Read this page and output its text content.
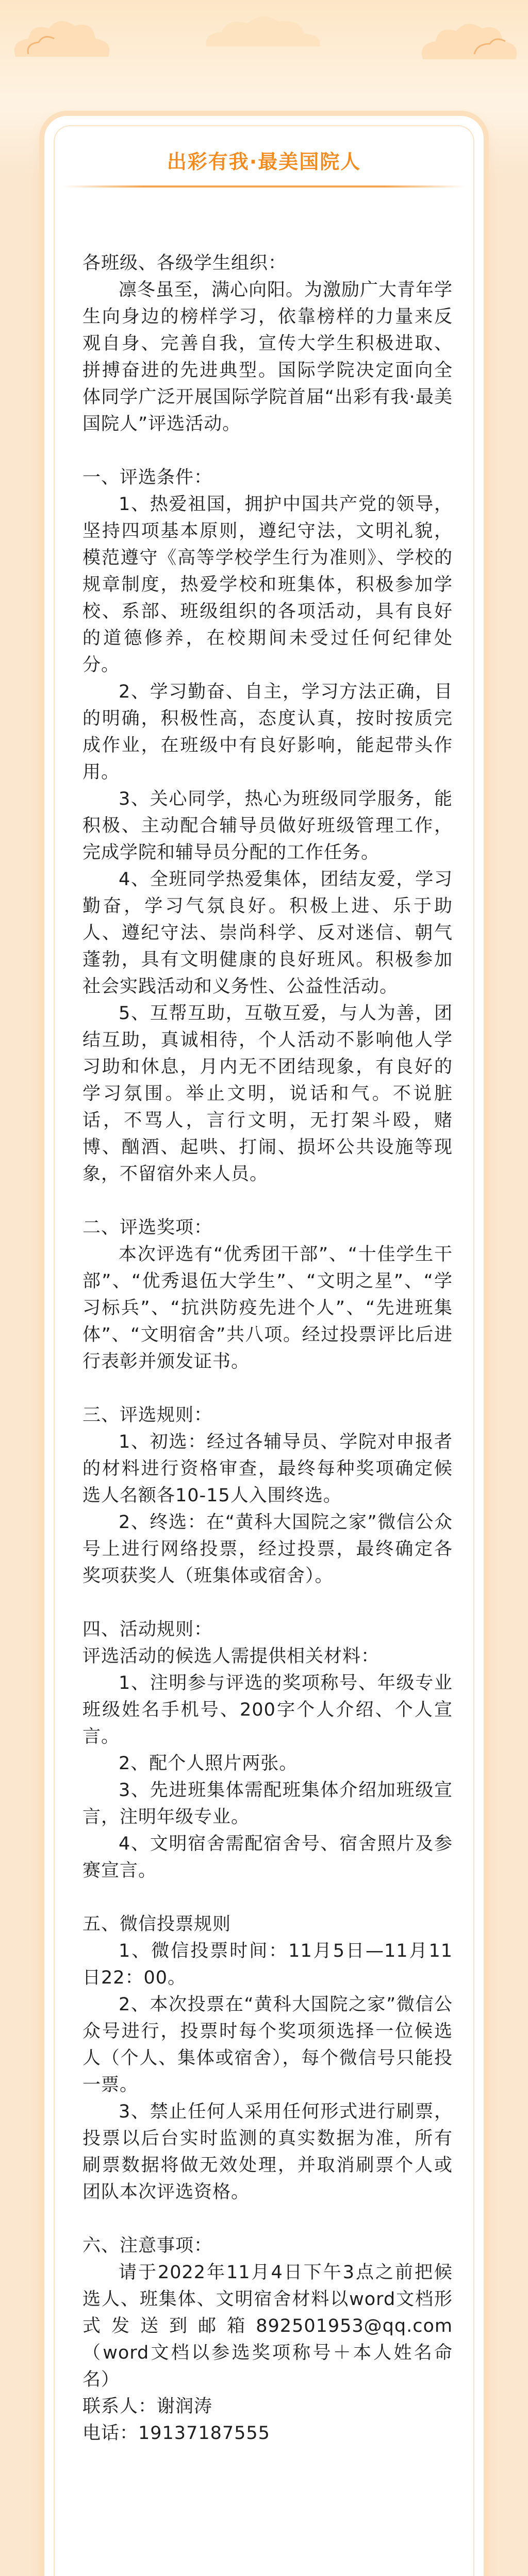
出彩有我·最美国院人

各班级、各级学生组织：

凛冬虽至，满心向阳。为激励广大青年学生向身边的榜样学习，依靠榜样的力量来反观自身、完善自我，宣传大学生积极进取、拼搏奋进的先进典型。国际学院决定面向全体同学广泛开展国际学院首届“出彩有我·最美国院人”评选活动。

一、评选条件：

1、热爱祖国，拥护中国共产党的领导，坚持四项基本原则，遵纪守法，文明礼貌，模范遵守《高等学校学生行为准则》、学校的规章制度，热爱学校和班集体，积极参加学校、系部、班级组织的各项活动，具有良好的道德修养，在校期间未受过任何纪律处分。

2、学习勤奋、自主，学习方法正确，目的明确，积极性高，态度认真，按时按质完成作业，在班级中有良好影响，能起带头作用。

3、关心同学，热心为班级同学服务，能积极、主动配合辅导员做好班级管理工作，完成学院和辅导员分配的工作任务。

4、全班同学热爱集体，团结友爱，学习勤奋，学习气氛良好。积极上进、乐于助人、遵纪守法、崇尚科学、反对迷信、朝气蓬勃，具有文明健康的良好班风。积极参加社会实践活动和义务性、公益性活动。

5、互帮互助，互敬互爱，与人为善，团结互助，真诚相待，个人活动不影响他人学习助和休息，月内无不团结现象，有良好的学习氛围。举止文明，说话和气。不说脏话，不骂人，言行文明，无打架斗殴，赌博、酗酒、起哄、打闹、损坏公共设施等现象，不留宿外来人员。

二、评选奖项：

本次评选有“优秀团干部”、“十佳学生干部”、“优秀退伍大学生”、“文明之星”、“学习标兵”、“抗洪防疫先进个人”、“先进班集体”、“文明宿舍”共八项。经过投票评比后进行表彰并颁发证书。

三、评选规则：

1、初选：经过各辅导员、学院对申报者的材料进行资格审查，最终每种奖项确定候选人名额各10-15人入围终选。

2、终选：在“黄科大国院之家”微信公众号上进行网络投票，经过投票，最终确定各奖项获奖人（班集体或宿舍）。

四、活动规则：

评选活动的候选人需提供相关材料：

1、注明参与评选的奖项称号、年级专业班级姓名手机号、200字个人介绍、个人宣言。

2、配个人照片两张。

3、先进班集体需配班集体介绍加班级宣言，注明年级专业。

4、文明宿舍需配宿舍号、宿舍照片及参赛宣言。

五、微信投票规则

1、微信投票时间：11月5日—11月11日22：00。

2、本次投票在“黄科大国院之家”微信公众号进行，投票时每个奖项须选择一位候选人（个人、集体或宿舍），每个微信号只能投一票。

3、禁止任何人采用任何形式进行刷票，投票以后台实时监测的真实数据为准，所有刷票数据将做无效处理，并取消刷票个人或团队本次评选资格。

六、注意事项：

请于2022年11月4日下午3点之前把候选人、班集体、文明宿舍材料以word文档形式发送到邮箱892501953@qq.com（word文档以参选奖项称号＋本人姓名命名）

联系人：谢润涛

电话：19137187555
